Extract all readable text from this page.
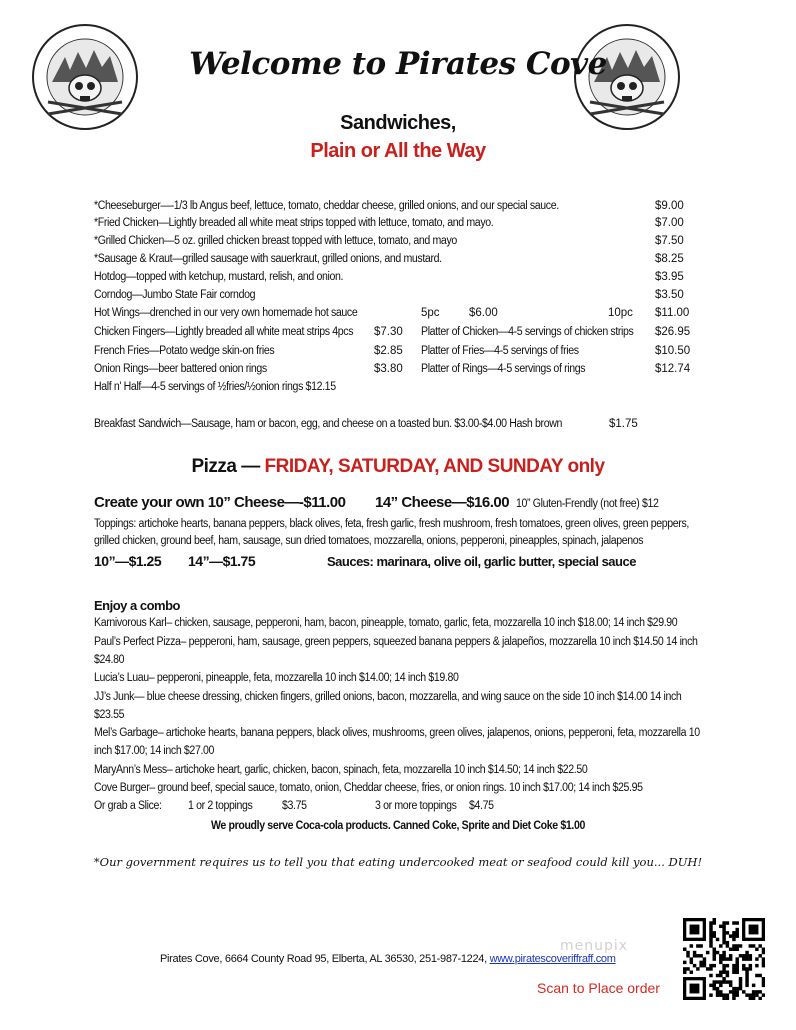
Welcome to Pirates Cove
Sandwiches,
Plain or All the Way
*Cheeseburger—-1/3 lb Angus beef, lettuce, tomato, cheddar cheese, grilled onions, and our special sauce.	$9.00
*Fried Chicken—Lightly breaded all white meat strips topped with lettuce, tomato, and mayo.	$7.00
*Grilled Chicken—5 oz. grilled chicken breast topped with lettuce, tomato, and mayo	$7.50
*Sausage & Kraut—grilled sausage with sauerkraut, grilled onions, and mustard.	$8.25
Hotdog—topped with ketchup, mustard, relish, and onion.	$3.95
Corndog—Jumbo State Fair corndog	$3.50
Hot Wings—drenched in our very own homemade hot sauce	5pc	$6.00	10pc $11.00
Chicken Fingers—Lightly breaded all white meat strips 4pcs $7.30 Platter of Chicken—4-5 servings of chicken strips $26.95
French Fries—Potato wedge skin-on fries	$2.85 Platter of Fries—4-5 servings of fries	$10.50
Onion Rings—beer battered onion rings	$3.80 Platter of Rings—4-5 servings of rings	$12.74
Half n' Half—4-5 servings of ½fries/½onion rings $12.15
Breakfast Sandwich—Sausage, ham or bacon, egg, and cheese on a toasted bun. $3.00-$4.00 Hash brown	$1.75
Pizza — FRIDAY, SATURDAY, AND SUNDAY only
Create your own 10” Cheese—-$11.00 14” Cheese—$16.00 10” Gluten-Frendly (not free) $12
Toppings: artichoke hearts, banana peppers, black olives, feta, fresh garlic, fresh mushroom, fresh tomatoes, green olives, green peppers,
grilled chicken, ground beef, ham, sausage, sun dried tomatoes, mozzarella, onions, pepperoni, pineapples, spinach, jalapenos
10”—$1.25 14”—$1.75	Sauces: marinara, olive oil, garlic butter, special sauce
Enjoy a combo
Karnivorous Karl– chicken, sausage, pepperoni, ham, bacon, pineapple, tomato, garlic, feta, mozzarella 10 inch $18.00; 14 inch $29.90
Paul’s Perfect Pizza– pepperoni, ham, sausage, green peppers, squeezed banana peppers & jalapeños, mozzarella 10 inch $14.50 14 inch
$24.80
Lucia’s Luau– pepperoni, pineapple, feta, mozzarella 10 inch $14.00; 14 inch $19.80
JJ’s Junk— blue cheese dressing, chicken fingers, grilled onions, bacon, mozzarella, and wing sauce on the side 10 inch $14.00 14 inch
$23.55
Mel’s Garbage– artichoke hearts, banana peppers, black olives, mushrooms, green olives, jalapenos, onions, pepperoni, feta, mozzarella 10
inch $17.00; 14 inch $27.00
MaryAnn’s Mess– artichoke heart, garlic, chicken, bacon, spinach, feta, mozzarella 10 inch $14.50; 14 inch $22.50
Cove Burger– ground beef, special sauce, tomato, onion, Cheddar cheese, fries, or onion rings. 10 inch $17.00; 14 inch $25.95
Or grab a Slice: 1 or 2 toppings	$3.75	3 or more toppings $4.75
We proudly serve Coca-cola products. Canned Coke, Sprite and Diet Coke $1.00
*Our government requires us to tell you that eating undercooked meat or seafood could kill you... DUH!
Pirates Cove, 6664 County Road 95, Elberta, AL 36530, 251-987-1224, www.piratescoveriffraff.com
menupix
Scan to Place order
